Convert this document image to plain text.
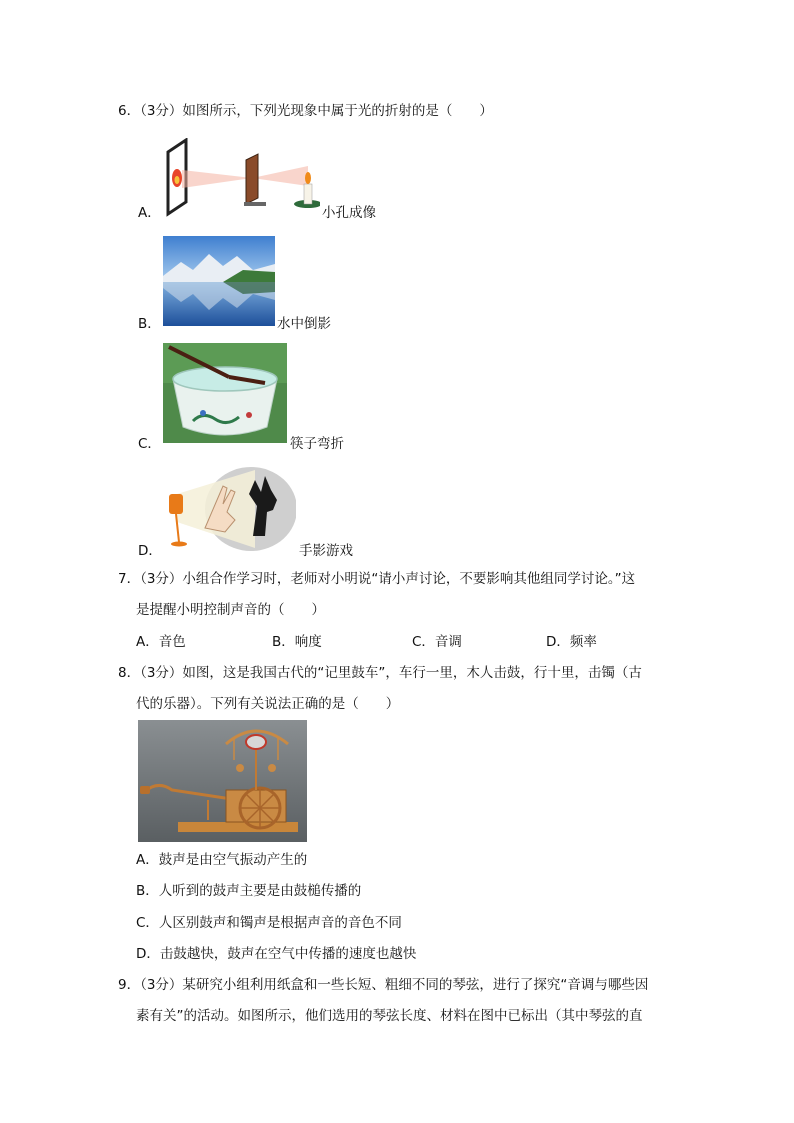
6．（3分）如图所示，下列光现象中属于光的折射的是（　　）
A．	小孔成像
B．	水中倒影
C．	筷子弯折
D．	手影游戏
7．（3分）小组合作学习时，老师对小明说“请小声讨论，不要影响其他组同学讨论。”这
是提醒小明控制声音的（　　）
A．音色	B．响度	C．音调	D．频率
8．（3分）如图，这是我国古代的“记里鼓车”，车行一里，木人击鼓，行十里，击镯（古
代的乐器）。下列有关说法正确的是（　　）
A．鼓声是由空气振动产生的
B．人听到的鼓声主要是由鼓槌传播的
C．人区别鼓声和镯声是根据声音的音色不同
D．击鼓越快，鼓声在空气中传播的速度也越快
9．（3分）某研究小组利用纸盒和一些长短、粗细不同的琴弦，进行了探究“音调与哪些因
素有关”的活动。如图所示，他们选用的琴弦长度、材料在图中已标出（其中琴弦的直
